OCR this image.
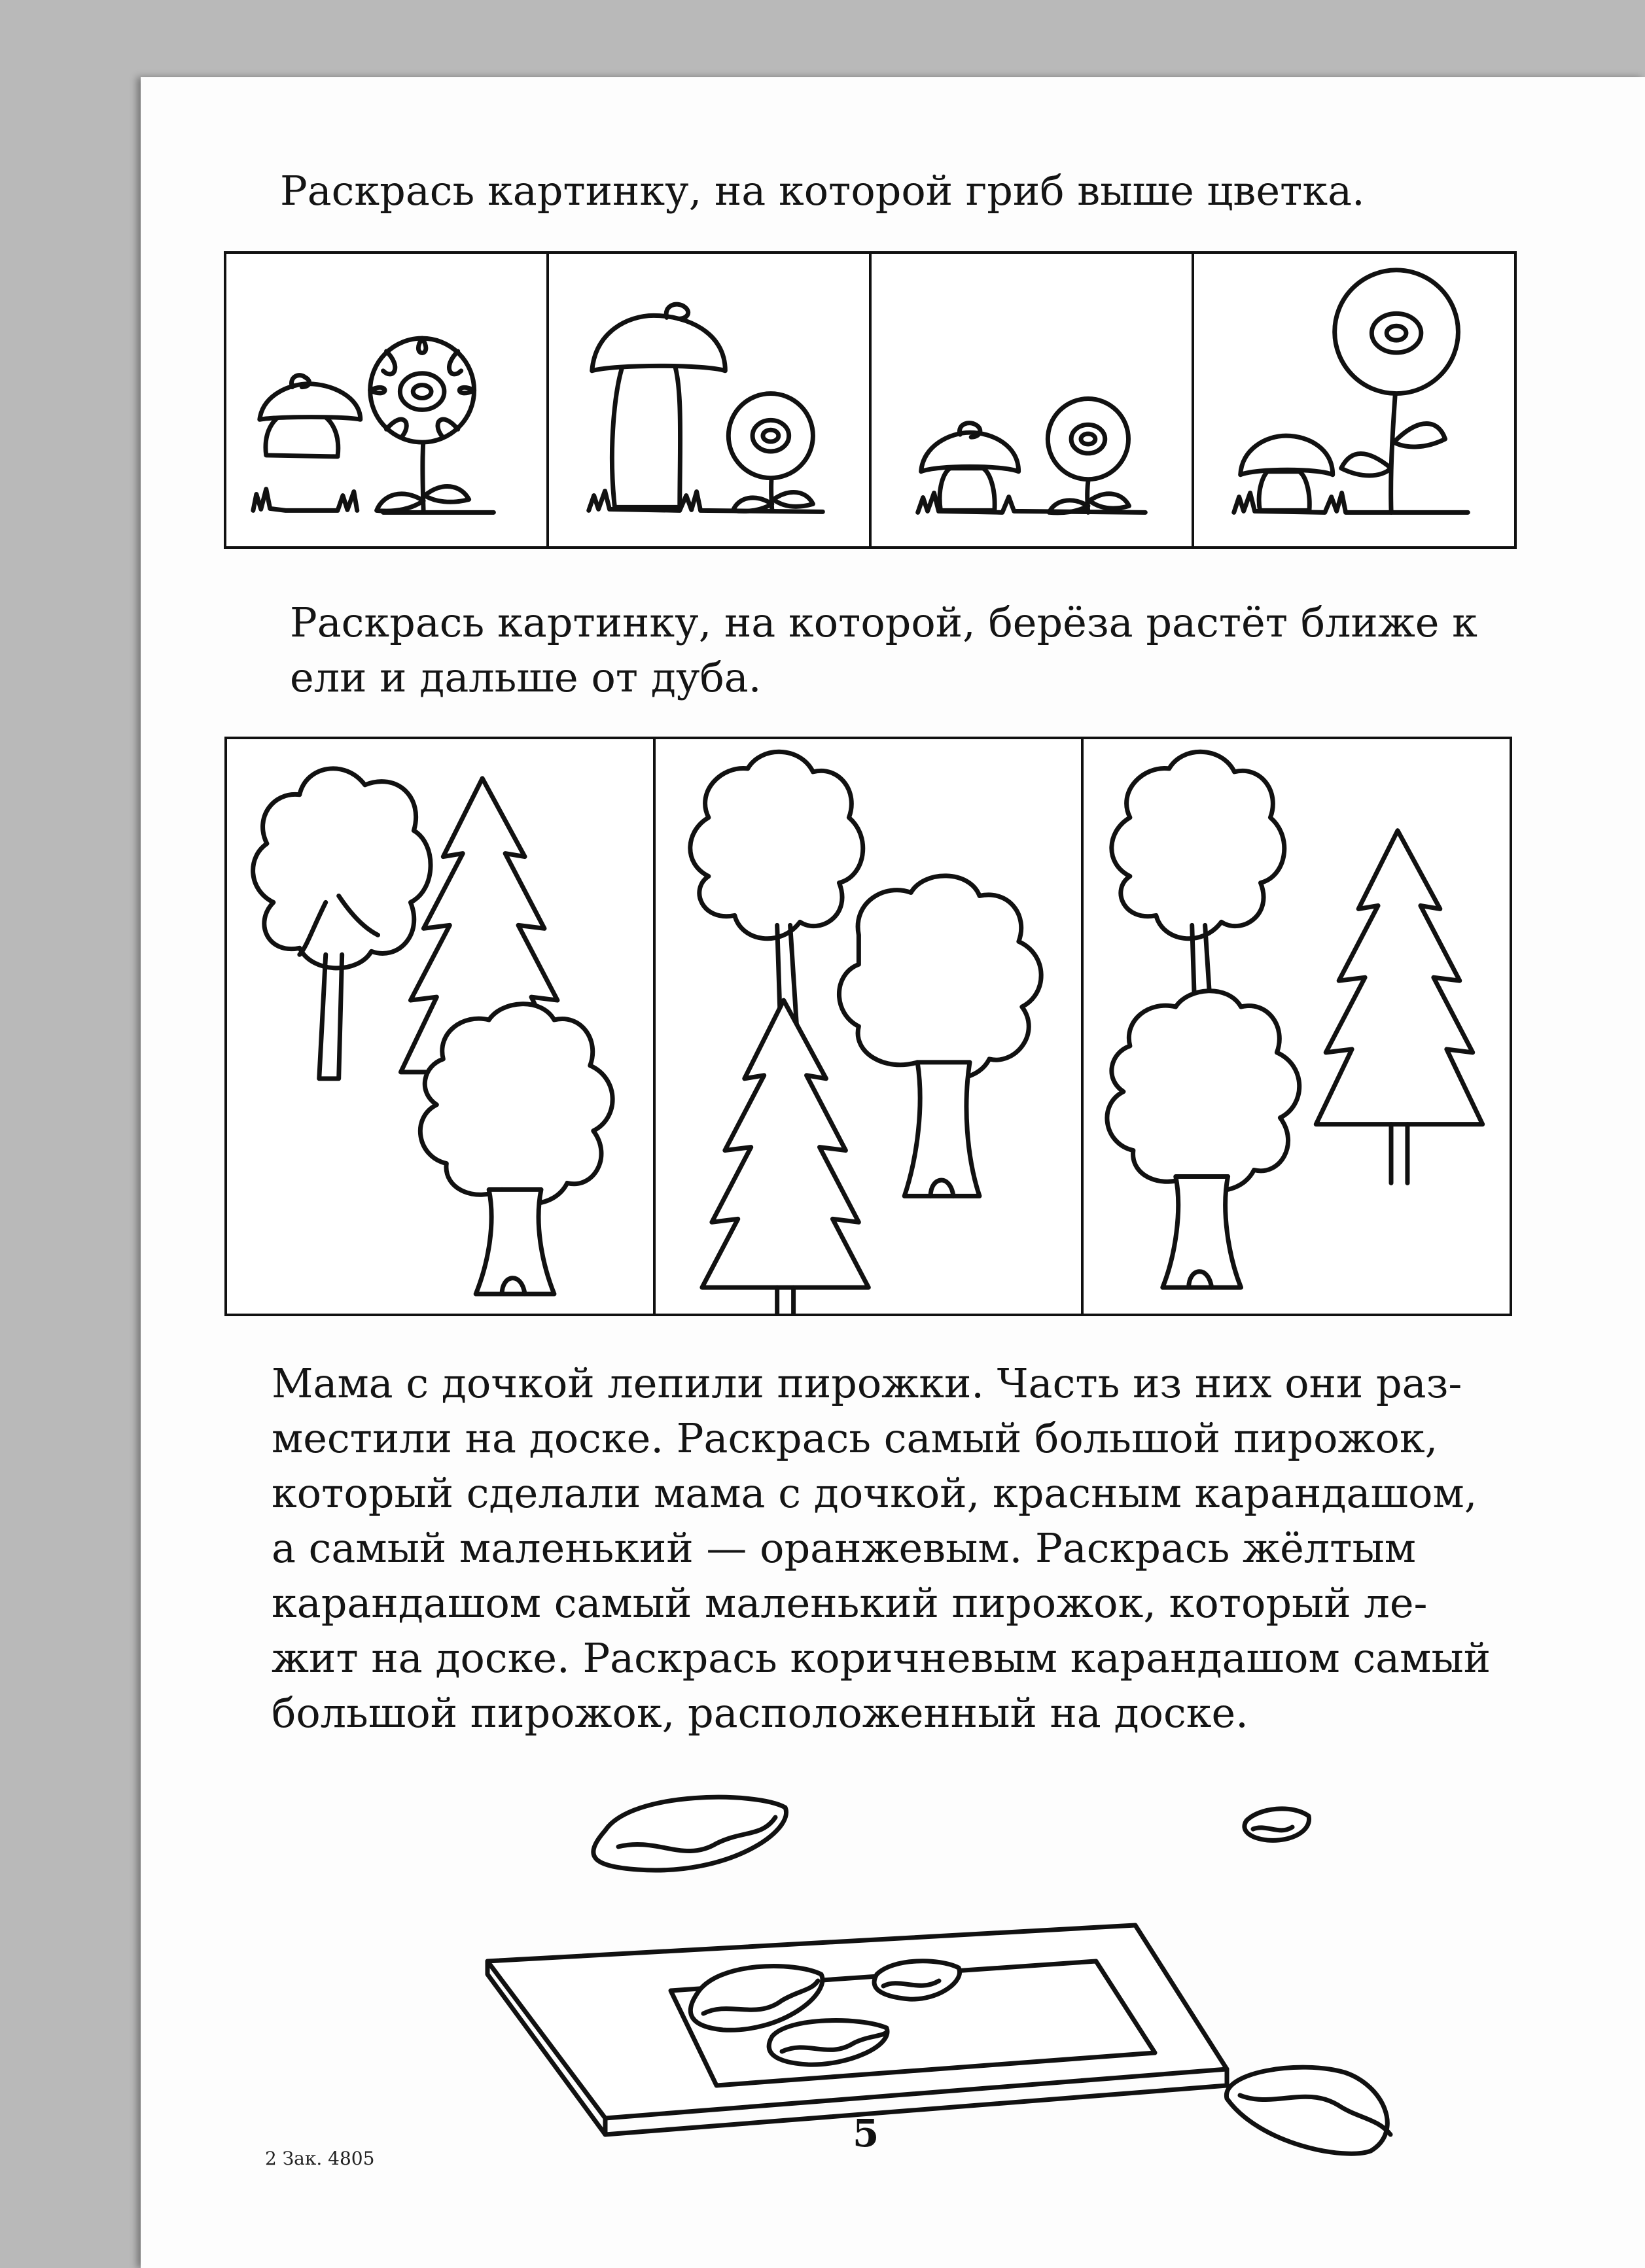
Раскрась картинку, на которой гриб выше цветка.
Раскрась картинку, на которой, берёза растёт ближе к
ели и дальше от дуба.
Мама с дочкой лепили пирожки. Часть из них они раз-
местили на доске. Раскрась самый большой пирожок,
который сделали мама с дочкой, красным карандашом,
а самый маленький — оранжевым. Раскрась жёлтым
карандашом самый маленький пирожок, который ле-
жит на доске. Раскрась коричневым карандашом самый
большой пирожок, расположенный на доске.
5
2 Зак. 4805
